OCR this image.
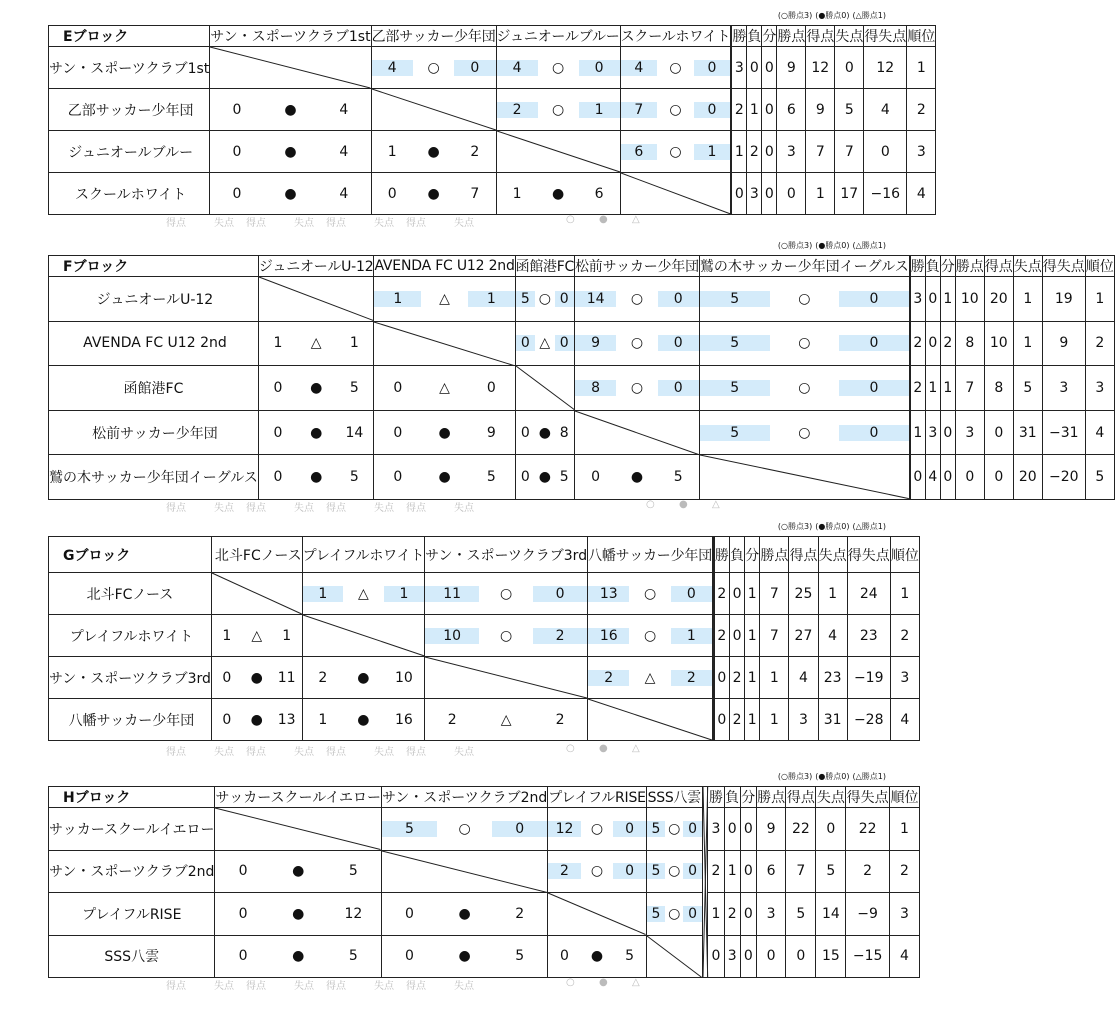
(○勝点3) (●勝点0) (△勝点1)
Eブロック	サン・スポーツクラブ1st	乙部サッカー少年団	ジュニオールブルー	スクールホワイト		勝	負	分	勝点	得点	失点	得失点	順位
サン・スポーツクラブ1st		4 ○ 0	4 ○ 0	4 ○ 0	3	0	0	9	12	0	12	1
乙部サッカー少年団	0 ● 4		2 ○ 1	7 ○ 0	2	1	0	6	9	5	4	2
ジュニオールブルー	0 ● 4	1 ● 2		6 ○ 1	1	2	0	3	7	7	0	3
スクールホワイト	0 ● 4	0 ● 7	1 ● 6		0	3	0	0	1	17	−16	4
得点	失点 得点	失点 得点	失点 得点	失点	○ ● △
(○勝点3) (●勝点0) (△勝点1)
Fブロック	ジュニオールU-12	AVENDA FC U12 2nd	函館港FC	松前サッカー少年団	鷲の木サッカー少年団イーグルス		勝	負	分	勝点	得点	失点	得失点	順位
ジュニオールU-12		1 △ 1	5 ○ 0	14 ○ 0	5 ○ 0	3	0	1	10	20	1	19	1
AVENDA FC U12 2nd	1 △ 1		0 △ 0	9 ○ 0	5 ○ 0	2	0	2	8	10	1	9	2
函館港FC	0 ● 5	0 △ 0		8 ○ 0	5 ○ 0	2	1	1	7	8	5	3	3
松前サッカー少年団	0 ● 14	0 ● 9	0 ● 8		5 ○ 0	1	3	0	3	0	31	−31	4
鷲の木サッカー少年団イーグルス	0 ● 5	0 ● 5	0 ● 5	0 ● 5		0	4	0	0	0	20	−20	5
得点	失点 得点	失点 得点	失点 得点	失点	○ ● △
(○勝点3) (●勝点0) (△勝点1)
Gブロック	北斗FCノース	プレイフルホワイト	サン・スポーツクラブ3rd	八幡サッカー少年団		勝	負	分	勝点	得点	失点	得失点	順位
北斗FCノース		1 △ 1	11 ○ 0	13 ○ 0		2	0	1	7	25	1	24	1
プレイフルホワイト	1 △ 1		10 ○ 2	16 ○ 1		2	0	1	7	27	4	23	2
サン・スポーツクラブ3rd	0 ● 11	2 ● 10		2 △ 2		0	2	1	1	4	23	−19	3
八幡サッカー少年団	0 ● 13	1 ● 16	2 △ 2			0	2	1	1	3	31	−28	4
得点	失点 得点	失点 得点	失点 得点	失点	○ ● △
(○勝点3) (●勝点0) (△勝点1)
Hブロック	サッカースクールイエロー	サン・スポーツクラブ2nd	プレイフルRISE	SSS八雲		勝	負	分	勝点	得点	失点	得失点	順位
サッカースクールイエロー		5 ○ 0	12 ○ 0	5 ○ 0		3	0	0	9	22	0	22	1
サン・スポーツクラブ2nd	0 ● 5		2 ○ 0	5 ○ 0		2	1	0	6	7	5	2	2
プレイフルRISE	0 ● 12	0 ● 2		5 ○ 0		1	2	0	3	5	14	−9	3
SSS八雲	0 ● 5	0 ● 5	0 ● 5			0	3	0	0	0	15	−15	4
得点	失点 得点	失点 得点	失点 得点	失点	○ ● △
